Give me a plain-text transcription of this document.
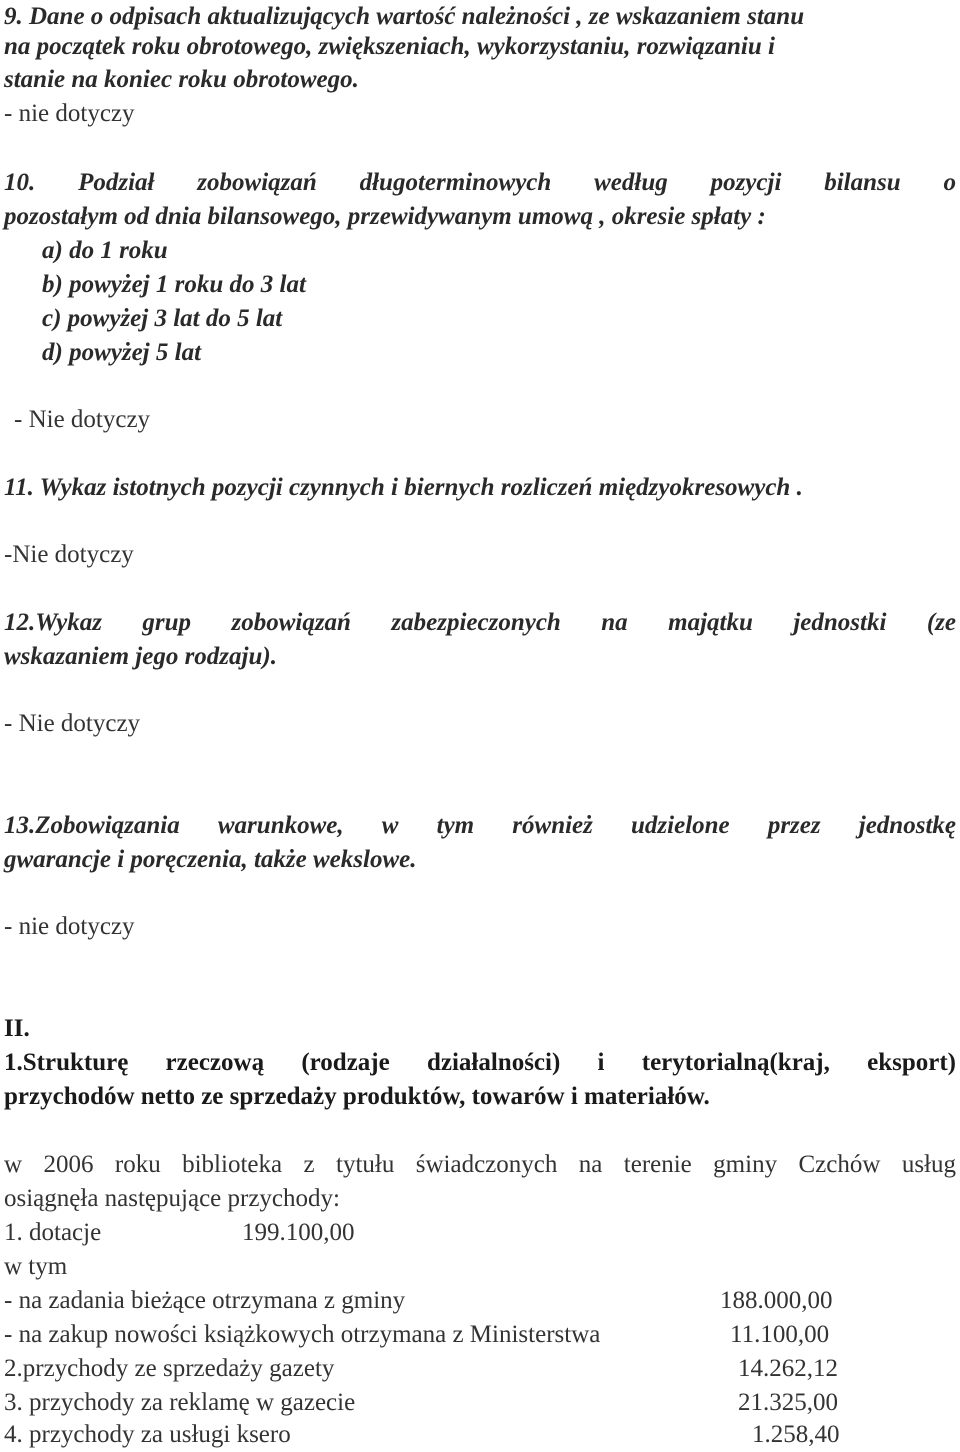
9. Dane o odpisach aktualizujących wartość należności , ze wskazaniem stanu
na początek roku obrotowego, zwiększeniach, wykorzystaniu, rozwiązaniu i
stanie na koniec roku obrotowego.
- nie dotyczy
10. Podział zobowiązań długoterminowych według pozycji bilansu o
pozostałym od dnia bilansowego, przewidywanym umową , okresie spłaty :
a) do 1 roku
b) powyżej 1 roku do 3 lat
c) powyżej 3 lat do 5 lat
d) powyżej 5 lat
- Nie dotyczy
11. Wykaz istotnych pozycji czynnych i biernych rozliczeń międzyokresowych .
-Nie dotyczy
12.Wykaz grup zobowiązań zabezpieczonych na majątku jednostki (ze
wskazaniem jego rodzaju).
- Nie dotyczy
13.Zobowiązania warunkowe, w tym również udzielone przez jednostkę
gwarancje i poręczenia, także wekslowe.
- nie dotyczy
II.
1.Strukturę rzeczową (rodzaje działalności) i terytorialną(kraj, eksport)
przychodów netto ze sprzedaży produktów, towarów i materiałów.
w 2006 roku biblioteka z tytułu świadczonych na terenie gminy Czchów usług
osiągnęła następujące przychody:
1. dotacje	199.100,00
w tym
- na zadania bieżące otrzymana z gminy	188.000,00
- na zakup nowości książkowych otrzymana z Ministerstwa	11.100,00
2.przychody ze sprzedaży gazety	14.262,12
3. przychody za reklamę w gazecie	21.325,00
4. przychody za usługi ksero	1.258,40
